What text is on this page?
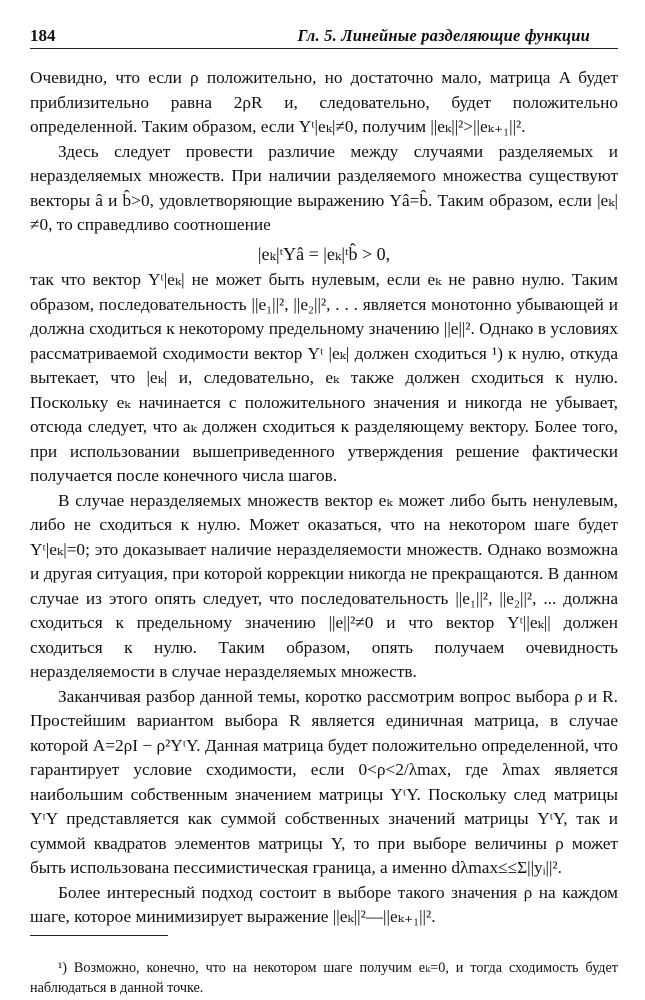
184	Гл. 5. Линейные разделяющие функции

Очевидно, что если ρ положительно, но достаточно мало, матрица A будет приблизительно равна 2ρR и, следовательно, будет положительно определенной. Таким образом, если Yᵗ|eₖ|≠0, получим ||eₖ||²>||eₖ₊₁||².

Здесь следует провести различие между случаями разделяемых и неразделяемых множеств. При наличии разделяемого множества существуют векторы â и b̂>0, удовлетворяющие выражению Yâ=b̂. Таким образом, если |eₖ|≠0, то справедливо соотношение

|eₖ|ᵗYâ = |eₖ|ᵗb̂ > 0,

так что вектор Yᵗ|eₖ| не может быть нулевым, если eₖ не равно нулю. Таким образом, последовательность ||e₁||², ||e₂||², . . . является монотонно убывающей и должна сходиться к некоторому предельному значению ||e||². Однако в условиях рассматриваемой сходимости вектор Yᵗ |eₖ| должен сходиться ¹) к нулю, откуда вытекает, что |eₖ| и, следовательно, eₖ также должен сходиться к нулю. Поскольку eₖ начинается с положительного значения и никогда не убывает, отсюда следует, что aₖ должен сходиться к разделяющему вектору. Более того, при использовании вышеприведенного утверждения решение фактически получается после конечного числа шагов.

В случае неразделяемых множеств вектор eₖ может либо быть ненулевым, либо не сходиться к нулю. Может оказаться, что на некотором шаге будет Yᵗ|eₖ|=0; это доказывает наличие неразделяемости множеств. Однако возможна и другая ситуация, при которой коррекции никогда не прекращаются. В данном случае из этого опять следует, что последовательность ||e₁||², ||e₂||², ... должна сходиться к предельному значению ||e||²≠0 и что вектор Yᵗ||eₖ|| должен сходиться к нулю. Таким образом, опять получаем очевидность неразделяемости в случае неразделяемых множеств.

Заканчивая разбор данной темы, коротко рассмотрим вопрос выбора ρ и R. Простейшим вариантом выбора R является единичная матрица, в случае которой A=2ρI − ρ²YᵗY. Данная матрица будет положительно определенной, что гарантирует условие сходимости, если 0<ρ<2/λmax, где λmax является наибольшим собственным значением матрицы YᵗY. Поскольку след матрицы YᵗY представляется как суммой собственных значений матрицы YᵗY, так и суммой квадратов элементов матрицы Y, то при выборе величины ρ может быть использована пессимистическая граница, а именно dλmax≤≤Σ||yᵢ||².

Более интересный подход состоит в выборе такого значения ρ на каждом шаге, которое минимизирует выражение ||eₖ||²—||eₖ₊₁||².

¹) Возможно, конечно, что на некотором шаге получим eₖ=0, и тогда сходимость будет наблюдаться в данной точке.
